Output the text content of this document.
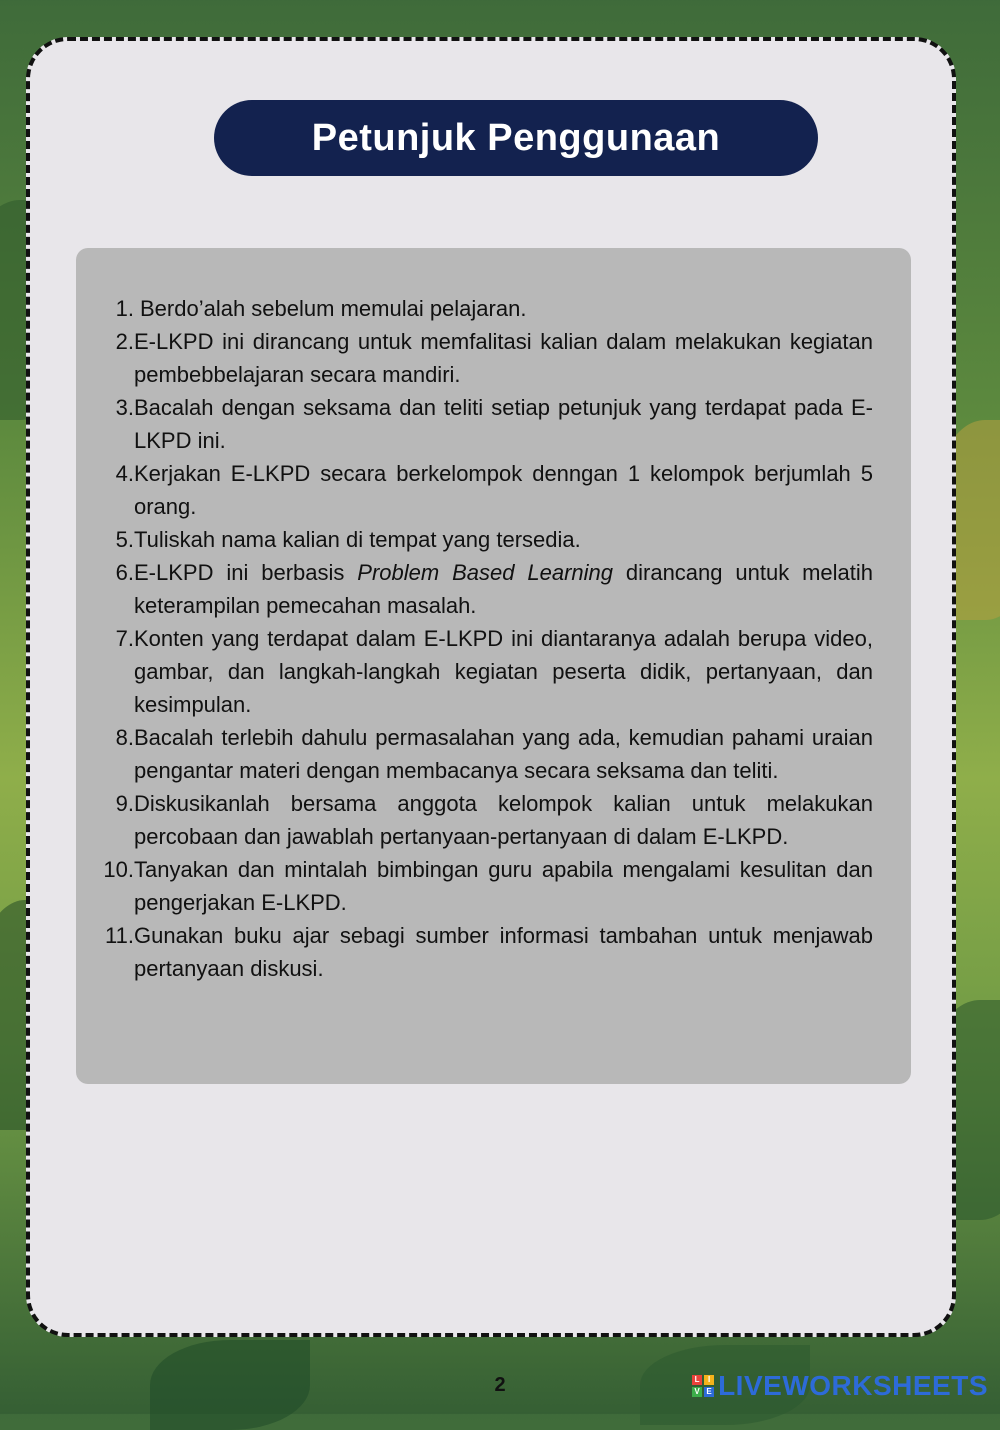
Petunjuk Penggunaan
1. Berdo’alah sebelum memulai pelajaran.
2. E-LKPD ini dirancang untuk memfalitasi kalian dalam melakukan kegiatan pembebbelajaran secara mandiri.
3. Bacalah dengan seksama dan teliti setiap petunjuk yang terdapat pada E-LKPD ini.
4. Kerjakan E-LKPD secara berkelompok denngan 1 kelompok berjumlah 5 orang.
5. Tuliskah nama kalian di tempat yang tersedia.
6. E-LKPD ini berbasis Problem Based Learning dirancang untuk melatih keterampilan pemecahan masalah.
7. Konten yang terdapat dalam E-LKPD ini diantaranya adalah berupa video, gambar, dan langkah-langkah kegiatan peserta didik, pertanyaan, dan kesimpulan.
8. Bacalah terlebih dahulu permasalahan yang ada, kemudian pahami uraian pengantar materi dengan membacanya secara seksama dan teliti.
9. Diskusikanlah bersama anggota kelompok kalian untuk melakukan percobaan dan jawablah pertanyaan-pertanyaan di dalam E-LKPD.
10. Tanyakan dan mintalah bimbingan guru apabila mengalami kesulitan dan pengerjakan E-LKPD.
11. Gunakan buku ajar sebagi sumber informasi tambahan untuk menjawab pertanyaan diskusi.
2	L	I
V E LIVEWORKSHEETS
